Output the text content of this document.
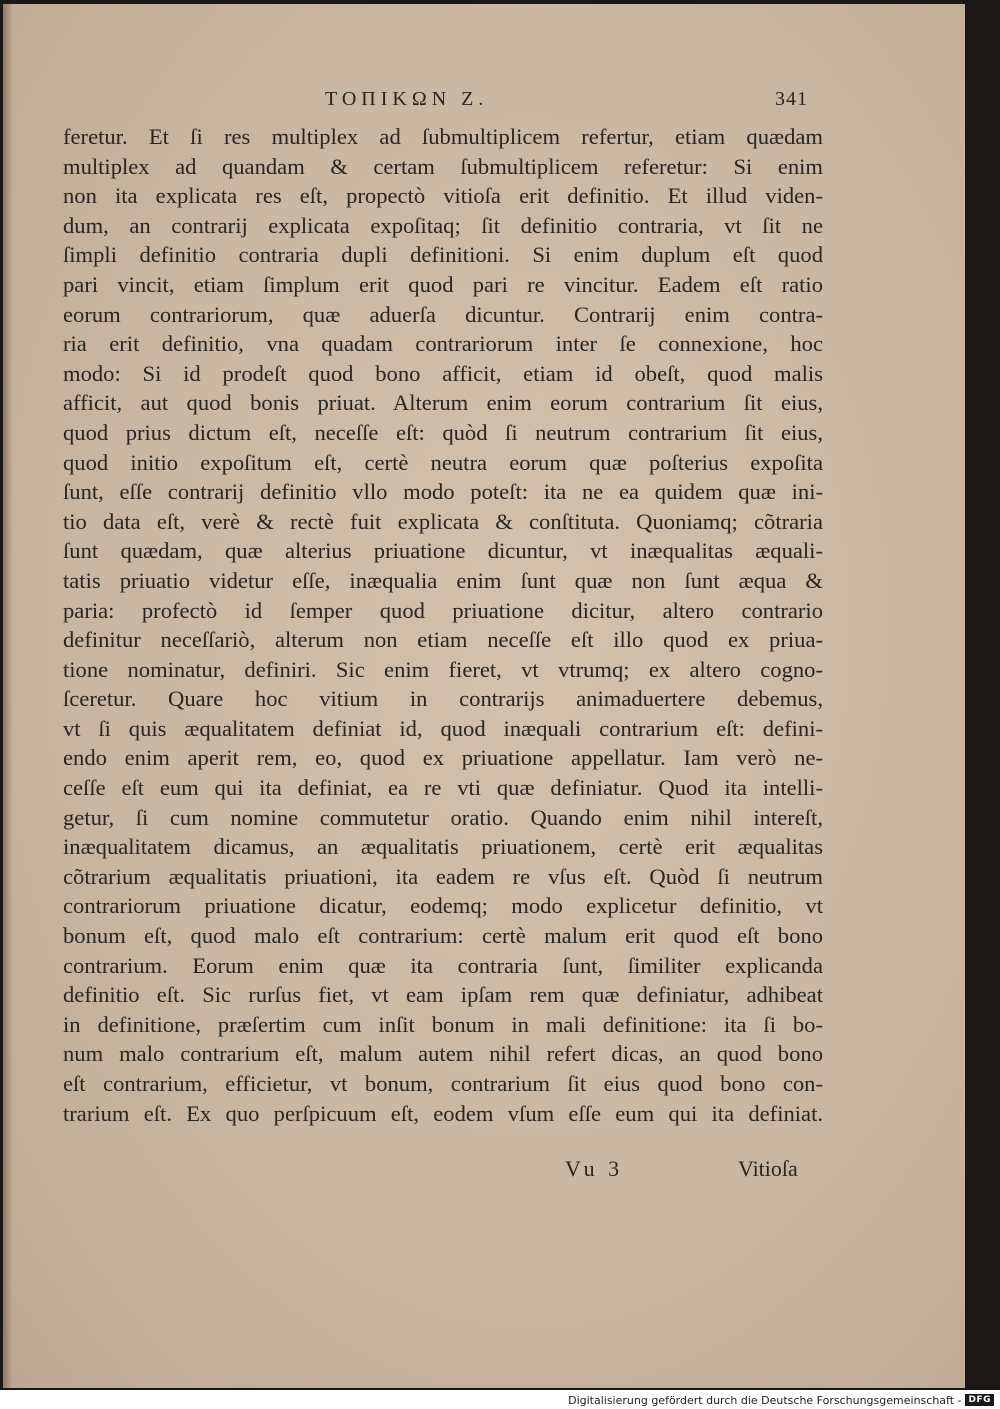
ΤΟΠΙΚΩΝ Ζ.	341
feretur. Et ſi res multiplex ad ſubmultiplicem refertur, etiam quædam
multiplex ad quandam & certam ſubmultiplicem referetur: Si enim
non ita explicata res eſt, propectò vitioſa erit definitio. Et illud viden-
dum, an contrarij explicata expoſitaq; ſit definitio contraria, vt ſit ne
ſimpli definitio contraria dupli definitioni. Si enim duplum eſt quod
pari vincit, etiam ſimplum erit quod pari re vincitur. Eadem eſt ratio
eorum contrariorum, quæ aduerſa dicuntur. Contrarij enim contra-
ria erit definitio, vna quadam contrariorum inter ſe connexione, hoc
modo: Si id prodeſt quod bono afficit, etiam id obeſt, quod malis
afficit, aut quod bonis priuat. Alterum enim eorum contrarium ſit eius,
quod prius dictum eſt, neceſſe eſt: quòd ſi neutrum contrarium ſit eius,
quod initio expoſitum eſt, certè neutra eorum quæ poſterius expoſita
ſunt, eſſe contrarij definitio vllo modo poteſt: ita ne ea quidem quæ ini-
tio data eſt, verè & rectè fuit explicata & conſtituta. Quoniamq; cõtraria
ſunt quædam, quæ alterius priuatione dicuntur, vt inæqualitas æquali-
tatis priuatio videtur eſſe, inæqualia enim ſunt quæ non ſunt æqua &
paria: profectò id ſemper quod priuatione dicitur, altero contrario
definitur neceſſariò, alterum non etiam neceſſe eſt illo quod ex priua-
tione nominatur, definiri. Sic enim fieret, vt vtrumq; ex altero cogno-
ſceretur. Quare hoc vitium in contrarijs animaduertere debemus,
vt ſi quis æqualitatem definiat id, quod inæquali contrarium eſt: defini-
endo enim aperit rem, eo, quod ex priuatione appellatur. Iam verò ne-
ceſſe eſt eum qui ita definiat, ea re vti quæ definiatur. Quod ita intelli-
getur, ſi cum nomine commutetur oratio. Quando enim nihil intereſt,
inæqualitatem dicamus, an æqualitatis priuationem, certè erit æqualitas
cõtrarium æqualitatis priuationi, ita eadem re vſus eſt. Quòd ſi neutrum
contrariorum priuatione dicatur, eodemq; modo explicetur definitio, vt
bonum eſt, quod malo eſt contrarium: certè malum erit quod eſt bono
contrarium. Eorum enim quæ ita contraria ſunt, ſimiliter explicanda
definitio eſt. Sic rurſus fiet, vt eam ipſam rem quæ definiatur, adhibeat
in definitione, præſertim cum inſit bonum in mali definitione: ita ſi bo-
num malo contrarium eſt, malum autem nihil refert dicas, an quod bono
eſt contrarium, efficietur, vt bonum, contrarium ſit eius quod bono con-
trarium eſt. Ex quo perſpicuum eſt, eodem vſum eſſe eum qui ita definiat.
Vu 3	Vitioſa
Digitalisierung gefördert durch die Deutsche Forschungsgemeinschaft - DFG
